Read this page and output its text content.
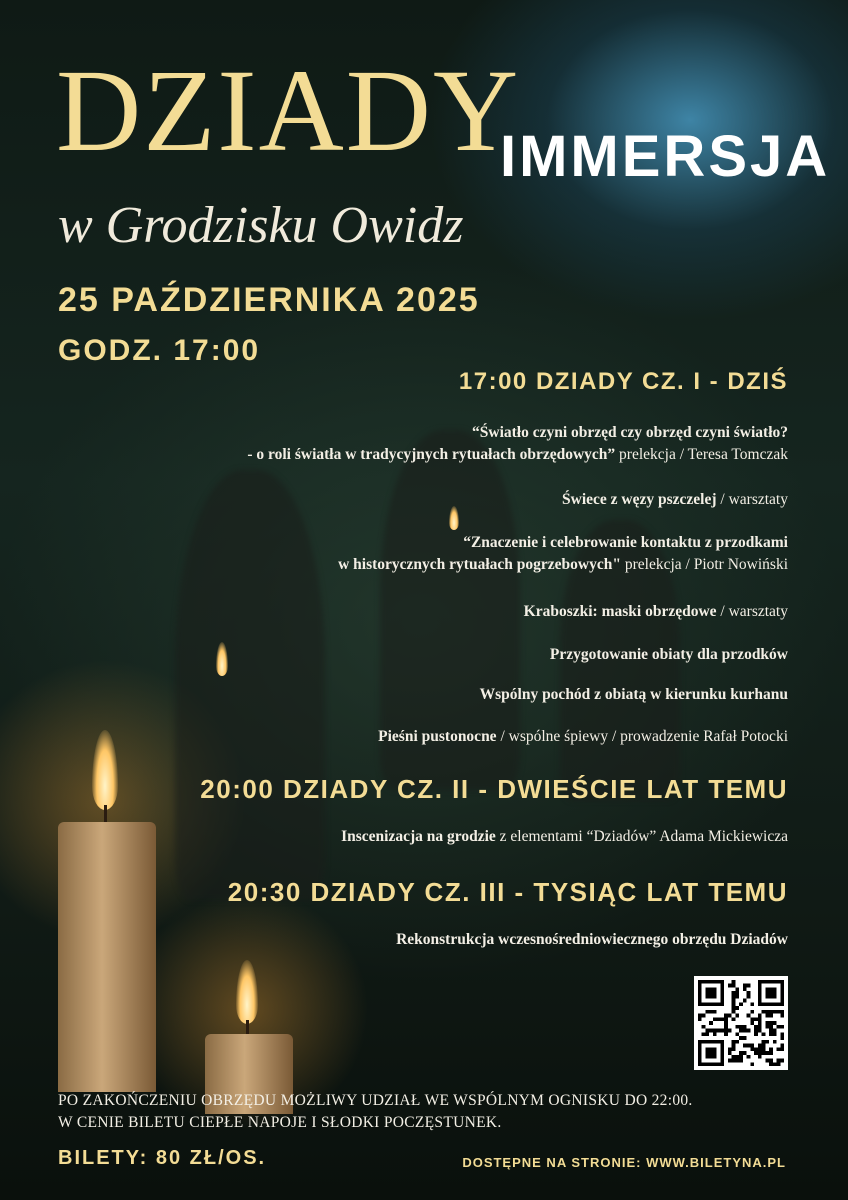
DZIADY
IMMERSJA
w Grodzisku Owidz
25 PAŹDZIERNIKA 2025
GODZ. 17:00
17:00 DZIADY CZ. I - DZIŚ
“Światło czyni obrzęd czy obrzęd czyni światło?
- o roli światła w tradycyjnych rytuałach obrzędowych” prelekcja / Teresa Tomczak
Świece z węzy pszczelej / warsztaty
“Znaczenie i celebrowanie kontaktu z przodkami
w historycznych rytuałach pogrzebowych" prelekcja / Piotr Nowiński
Kraboszki: maski obrzędowe / warsztaty
Przygotowanie obiaty dla przodków
Wspólny pochód z obiatą w kierunku kurhanu
Pieśni pustonocne / wspólne śpiewy / prowadzenie Rafał Potocki
20:00 DZIADY CZ. II - DWIEŚCIE LAT TEMU
Inscenizacja na grodzie z elementami “Dziadów” Adama Mickiewicza
20:30 DZIADY CZ. III - TYSIĄC LAT TEMU
Rekonstrukcja wczesnośredniowiecznego obrzędu Dziadów
PO ZAKOŃCZENIU OBRZĘDU MOŻLIWY UDZIAŁ WE WSPÓLNYM OGNISKU DO 22:00.
W CENIE BILETU CIEPŁE NAPOJE I SŁODKI POCZĘSTUNEK.
BILETY: 80 ZŁ/OS.	DOSTĘPNE NA STRONIE: WWW.BILETYNA.PL
